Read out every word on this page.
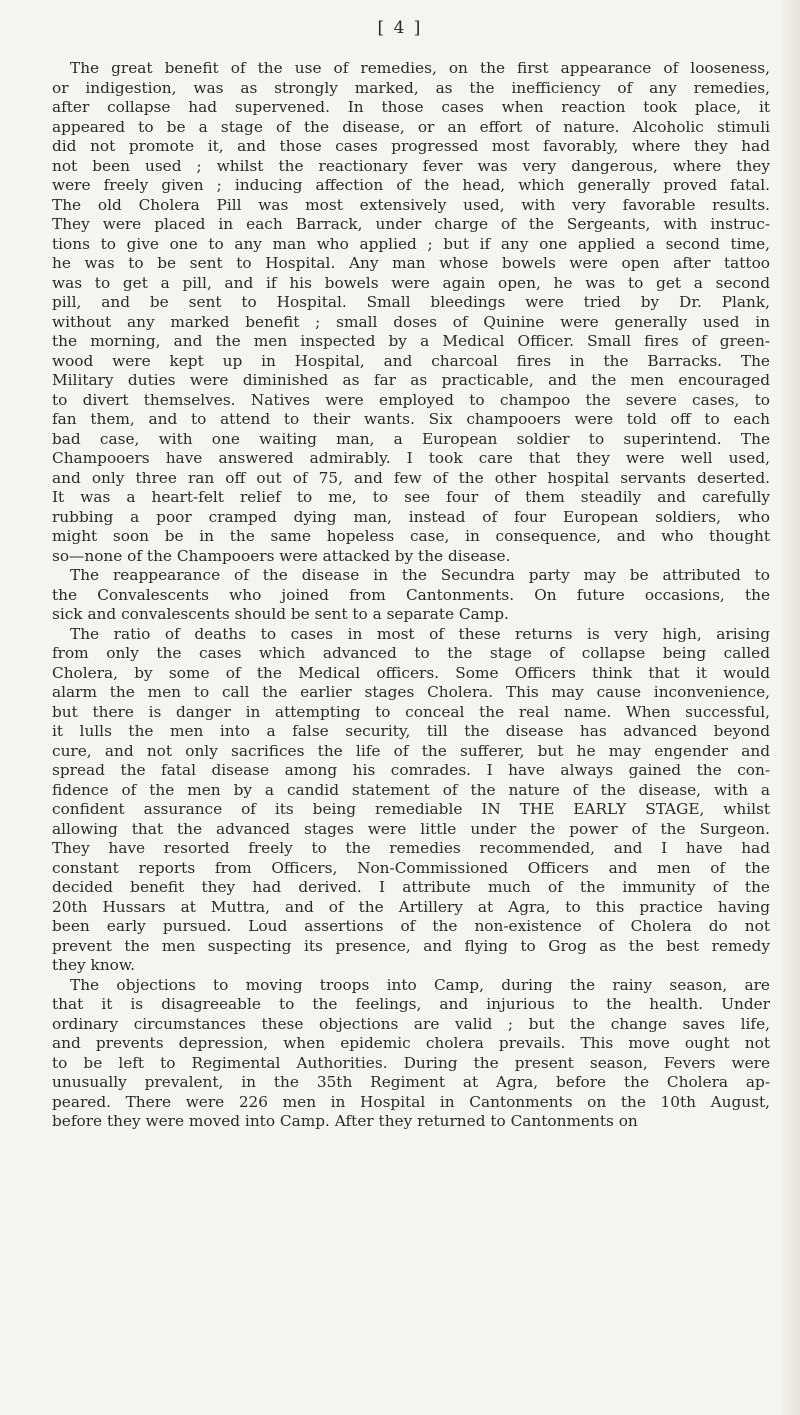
[ 4 ]
The great benefit of the use of remedies, on the first appearance of looseness,
or indigestion, was as strongly marked, as the inefficiency of any remedies,
after collapse had supervened. In those cases when reaction took place, it
appeared to be a stage of the disease, or an effort of nature. Alcoholic stimuli
did not promote it, and those cases progressed most favorably, where they had
not been used ; whilst the reactionary fever was very dangerous, where they
were freely given ; inducing affection of the head, which generally proved fatal.
The old Cholera Pill was most extensively used, with very favorable results.
They were placed in each Barrack, under charge of the Sergeants, with instruc-
tions to give one to any man who applied ; but if any one applied a second time,
he was to be sent to Hospital. Any man whose bowels were open after tattoo
was to get a pill, and if his bowels were again open, he was to get a second
pill, and be sent to Hospital. Small bleedings were tried by Dr. Plank,
without any marked benefit ; small doses of Quinine were generally used in
the morning, and the men inspected by a Medical Officer. Small fires of green-
wood were kept up in Hospital, and charcoal fires in the Barracks. The
Military duties were diminished as far as practicable, and the men encouraged
to divert themselves. Natives were employed to champoo the severe cases, to
fan them, and to attend to their wants. Six champooers were told off to each
bad case, with one waiting man, a European soldier to superintend. The
Champooers have answered admirably. I took care that they were well used,
and only three ran off out of 75, and few of the other hospital servants deserted.
It was a heart-felt relief to me, to see four of them steadily and carefully
rubbing a poor cramped dying man, instead of four European soldiers, who
might soon be in the same hopeless case, in consequence, and who thought
so—none of the Champooers were attacked by the disease.
The reappearance of the disease in the Secundra party may be attributed to
the Convalescents who joined from Cantonments. On future occasions, the
sick and convalescents should be sent to a separate Camp.
The ratio of deaths to cases in most of these returns is very high, arising
from only the cases which advanced to the stage of collapse being called
Cholera, by some of the Medical officers. Some Officers think that it would
alarm the men to call the earlier stages Cholera. This may cause inconvenience,
but there is danger in attempting to conceal the real name. When successful,
it lulls the men into a false security, till the disease has advanced beyond
cure, and not only sacrifices the life of the sufferer, but he may engender and
spread the fatal disease among his comrades. I have always gained the con-
fidence of the men by a candid statement of the nature of the disease, with a
confident assurance of its being remediable IN THE EARLY STAGE, whilst
allowing that the advanced stages were little under the power of the Surgeon.
They have resorted freely to the remedies recommended, and I have had
constant reports from Officers, Non-Commissioned Officers and men of the
decided benefit they had derived. I attribute much of the immunity of the
20th Hussars at Muttra, and of the Artillery at Agra, to this practice having
been early pursued. Loud assertions of the non-existence of Cholera do not
prevent the men suspecting its presence, and flying to Grog as the best remedy
they know.
The objections to moving troops into Camp, during the rainy season, are
that it is disagreeable to the feelings, and injurious to the health. Under
ordinary circumstances these objections are valid ; but the change saves life,
and prevents depression, when epidemic cholera prevails. This move ought not
to be left to Regimental Authorities. During the present season, Fevers were
unusually prevalent, in the 35th Regiment at Agra, before the Cholera ap-
peared. There were 226 men in Hospital in Cantonments on the 10th August,
before they were moved into Camp. After they returned to Cantonments on
